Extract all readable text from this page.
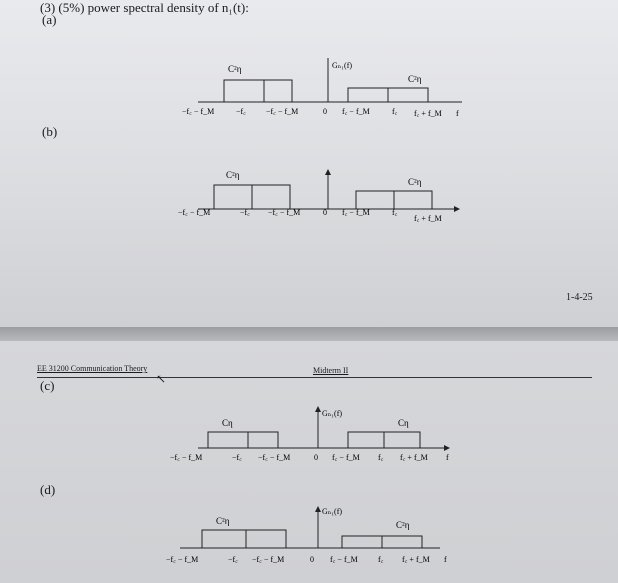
(3) (5%) power spectral density of n₁(t):
(a)
(b)
1-4-25
EE 31200 Communication Theory	Midterm II
↖
(c)
(d)
C²η
C²η
Gₙ₁(f)
−f꜀ − f_M	−f꜀	−f꜀ − f_M	0 f꜀ − f_M	f꜀ f꜀ + f_M f
C²η
C²η
−f꜀ − f_M	−f꜀ −f꜀ − f_M	0 f꜀ − f_M	f꜀
f꜀ + f_M
Cη	Cη
Gₙ₁(f)
−f꜀ − f_M	−f꜀ −f꜀ − f_M	0 f꜀ − f_M f꜀ f꜀ + f_M f
C²η	C²η
Gₙ₁(f)
−f꜀ − f_M	−f꜀ −f꜀ − f_M	0 f꜀ − f_M	f꜀ f꜀ + f_M f
